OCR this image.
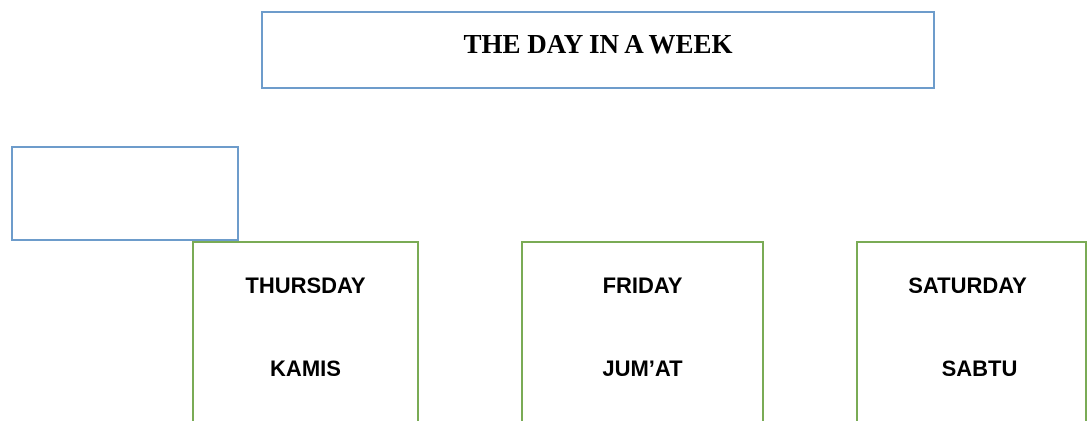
THE DAY IN A WEEK
THURSDAY
KAMIS
FRIDAY
JUM’AT
SATURDAY
SABTU
